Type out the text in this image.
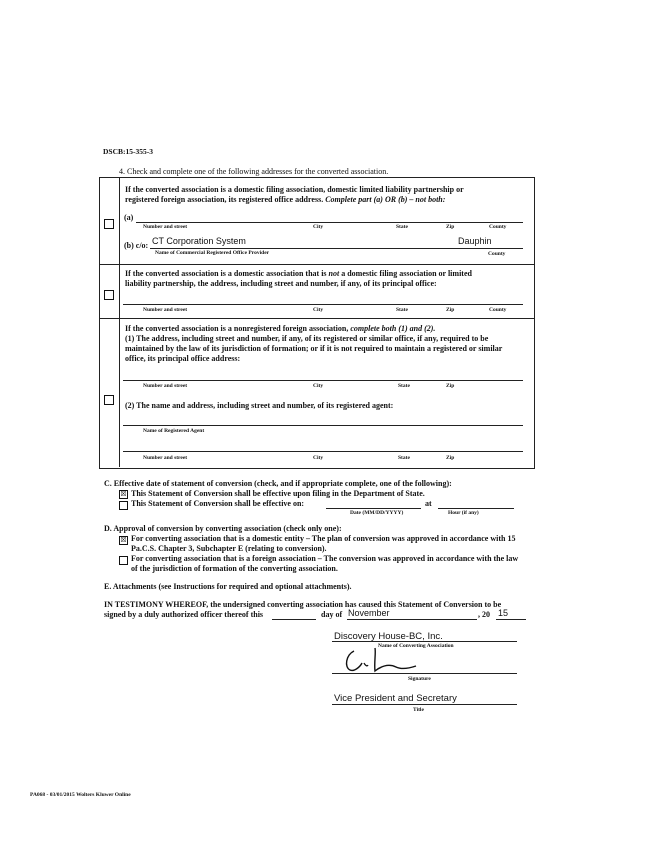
DSCB:15-355-3
4. Check and complete one of the following addresses for the converted association.
If the converted association is a domestic filing association, domestic limited liability partnership or
registered foreign association, its registered office address. Complete part (a) OR (b) – not both:
(a)
Number and street	City	State	Zip	County
(b) c/o: CT Corporation System	Dauphin
Name of Commercial Registered Office Provider	County
If the converted association is a domestic association that is not a domestic filing association or limited
liability partnership, the address, including street and number, if any, of its principal office:
Number and street	City	State	Zip	County
If the converted association is a nonregistered foreign association, complete both (1) and (2).
(1) The address, including street and number, if any, of its registered or similar office, if any, required to be
maintained by the law of its jurisdiction of formation; or if it is not required to maintain a registered or similar
office, its principal office address:
Number and street	City	State	Zip
(2) The name and address, including street and number, of its registered agent:
Name of Registered Agent
Number and street	City	State	Zip
C. Effective date of statement of conversion (check, and if appropriate complete, one of the following):
☒ This Statement of Conversion shall be effective upon filing in the Department of State.
This Statement of Conversion shall be effective on:	at
Date (MM/DD/YYYY)	Hour (if any)
D. Approval of conversion by converting association (check only one):
☒ For converting association that is a domestic entity – The plan of conversion was approved in accordance with 15
Pa.C.S. Chapter 3, Subchapter E (relating to conversion).
For converting association that is a foreign association – The conversion was approved in accordance with the law
of the jurisdiction of formation of the converting association.
E. Attachments (see Instructions for required and optional attachments).
IN TESTIMONY WHEREOF, the undersigned converting association has caused this Statement of Conversion to be
signed by a duly authorized officer thereof this	day of November	, 20 15
Discovery House-BC, Inc.
Name of Converting Association
Signature
Vice President and Secretary
Title
PA068 - 03/01/2015 Wolters Kluwer Online
